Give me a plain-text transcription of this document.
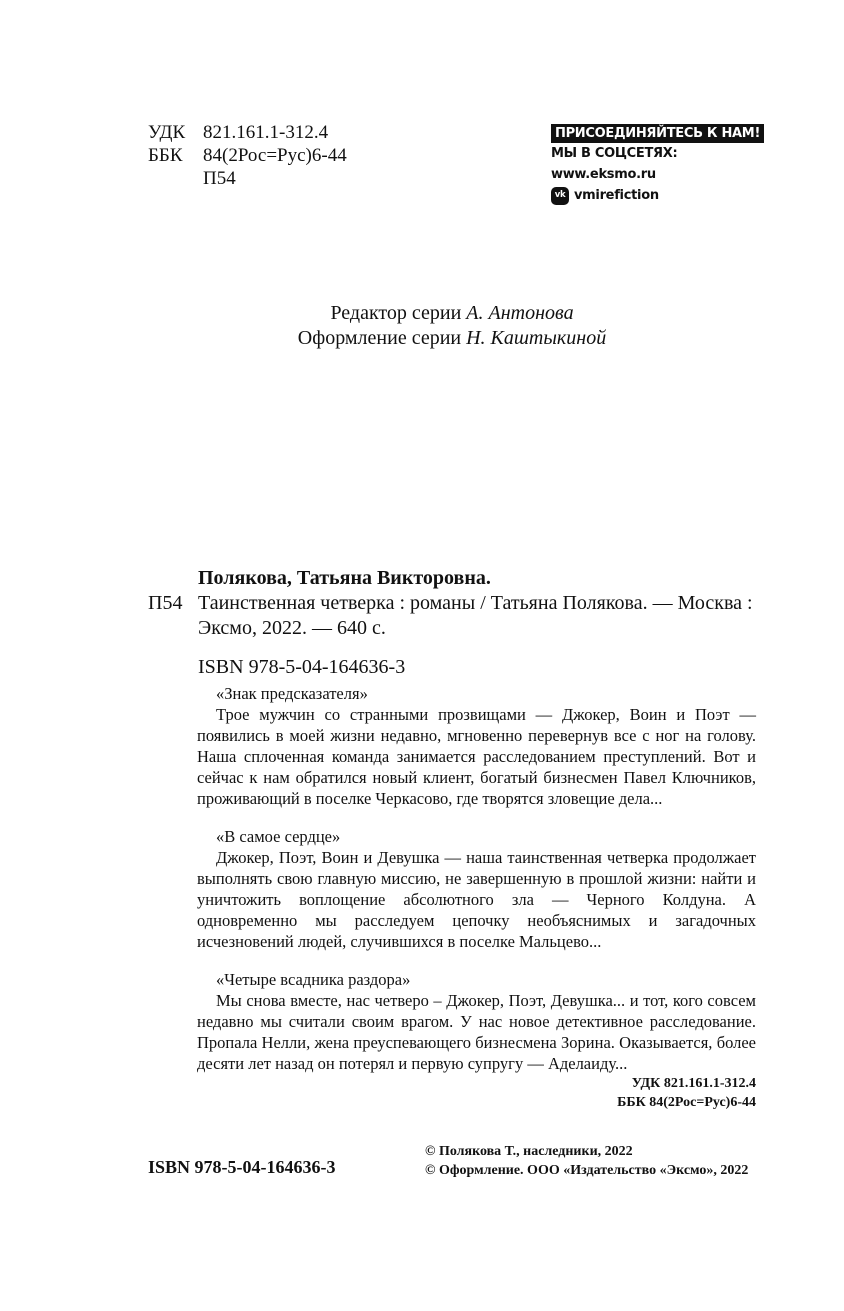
УДК 821.161.1-312.4
ББК	84(2Рос=Рус)6-44
П54
ПРИСОЕДИНЯЙТЕСЬ К НАМ!
МЫ В СОЦСЕТЯХ:
www.eksmo.ru
vk vmirefiction
Редактор серии А. Антонова
Оформление серии Н. Каштыкиной
Полякова, Татьяна Викторовна.
П54 Таинственная четверка : романы / Татьяна Полякова. — Москва : Эксмо, 2022. — 640 с.
ISBN 978-5-04-164636-3
«Знак предсказателя»

Трое мужчин со странными прозвищами — Джокер, Воин и Поэт — появились в моей жизни недавно, мгновенно перевернув все с ног на голову. Наша сплоченная команда занимается расследованием преступлений. Вот и сейчас к нам обратился новый клиент, богатый бизнесмен Павел Ключников, проживающий в поселке Черкасово, где творятся зловещие дела...

«В самое сердце»

Джокер, Поэт, Воин и Девушка — наша таинственная четверка продолжает выполнять свою главную миссию, не завершенную в прошлой жизни: найти и уничтожить воплощение абсолютного зла — Черного Колдуна. А одновременно мы расследуем цепочку необъяснимых и загадочных исчезновений людей, случившихся в поселке Мальцево...

«Четыре всадника раздора»

Мы снова вместе, нас четверо – Джокер, Поэт, Девушка... и тот, кого совсем недавно мы считали своим врагом. У нас новое детективное расследование. Пропала Нелли, жена преуспевающего бизнесмена Зорина. Оказывается, более десяти лет назад он потерял и первую супругу — Аделаиду...

УДК 821.161.1-312.4
ББК 84(2Рос=Рус)6-44
ISBN 978-5-04-164636-3
© Полякова Т., наследники, 2022
© Оформление. ООО «Издательство «Эксмо», 2022
